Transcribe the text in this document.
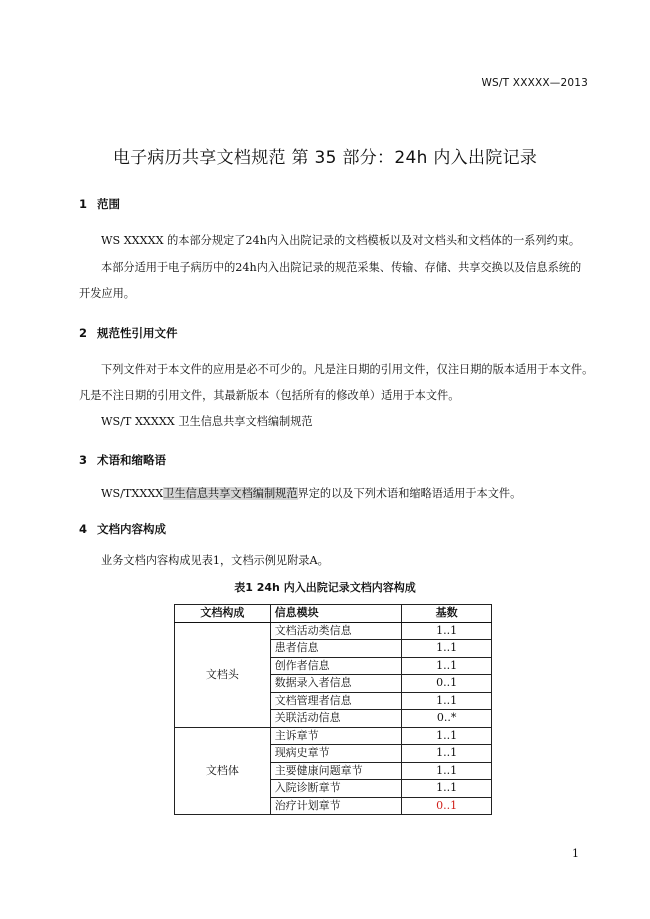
WS/T XXXXX—2013
电子病历共享文档规范 第 35 部分：24h 内入出院记录
1 范围
WS XXXXX 的本部分规定了24h内入出院记录的文档模板以及对文档头和文档体的一系列约束。
本部分适用于电子病历中的24h内入出院记录的规范采集、传输、存储、共享交换以及信息系统的
开发应用。
2 规范性引用文件
下列文件对于本文件的应用是必不可少的。凡是注日期的引用文件，仅注日期的版本适用于本文件。
凡是不注日期的引用文件，其最新版本（包括所有的修改单）适用于本文件。
WS/T XXXXX 卫生信息共享文档编制规范
3 术语和缩略语
WS/TXXXX卫生信息共享文档编制规范界定的以及下列术语和缩略语适用于本文件。
4 文档内容构成
业务文档内容构成见表1，文档示例见附录A。
表1 24h 内入出院记录文档内容构成
文档构成	信息模块	基数
文档头	文档活动类信息	1..1
	患者信息	1..1
	创作者信息	1..1
	数据录入者信息	0..1
	文档管理者信息	1..1
	关联活动信息	0..*
文档体	主诉章节	1..1
	现病史章节	1..1
	主要健康问题章节	1..1
	入院诊断章节	1..1
	治疗计划章节	0..1
1
